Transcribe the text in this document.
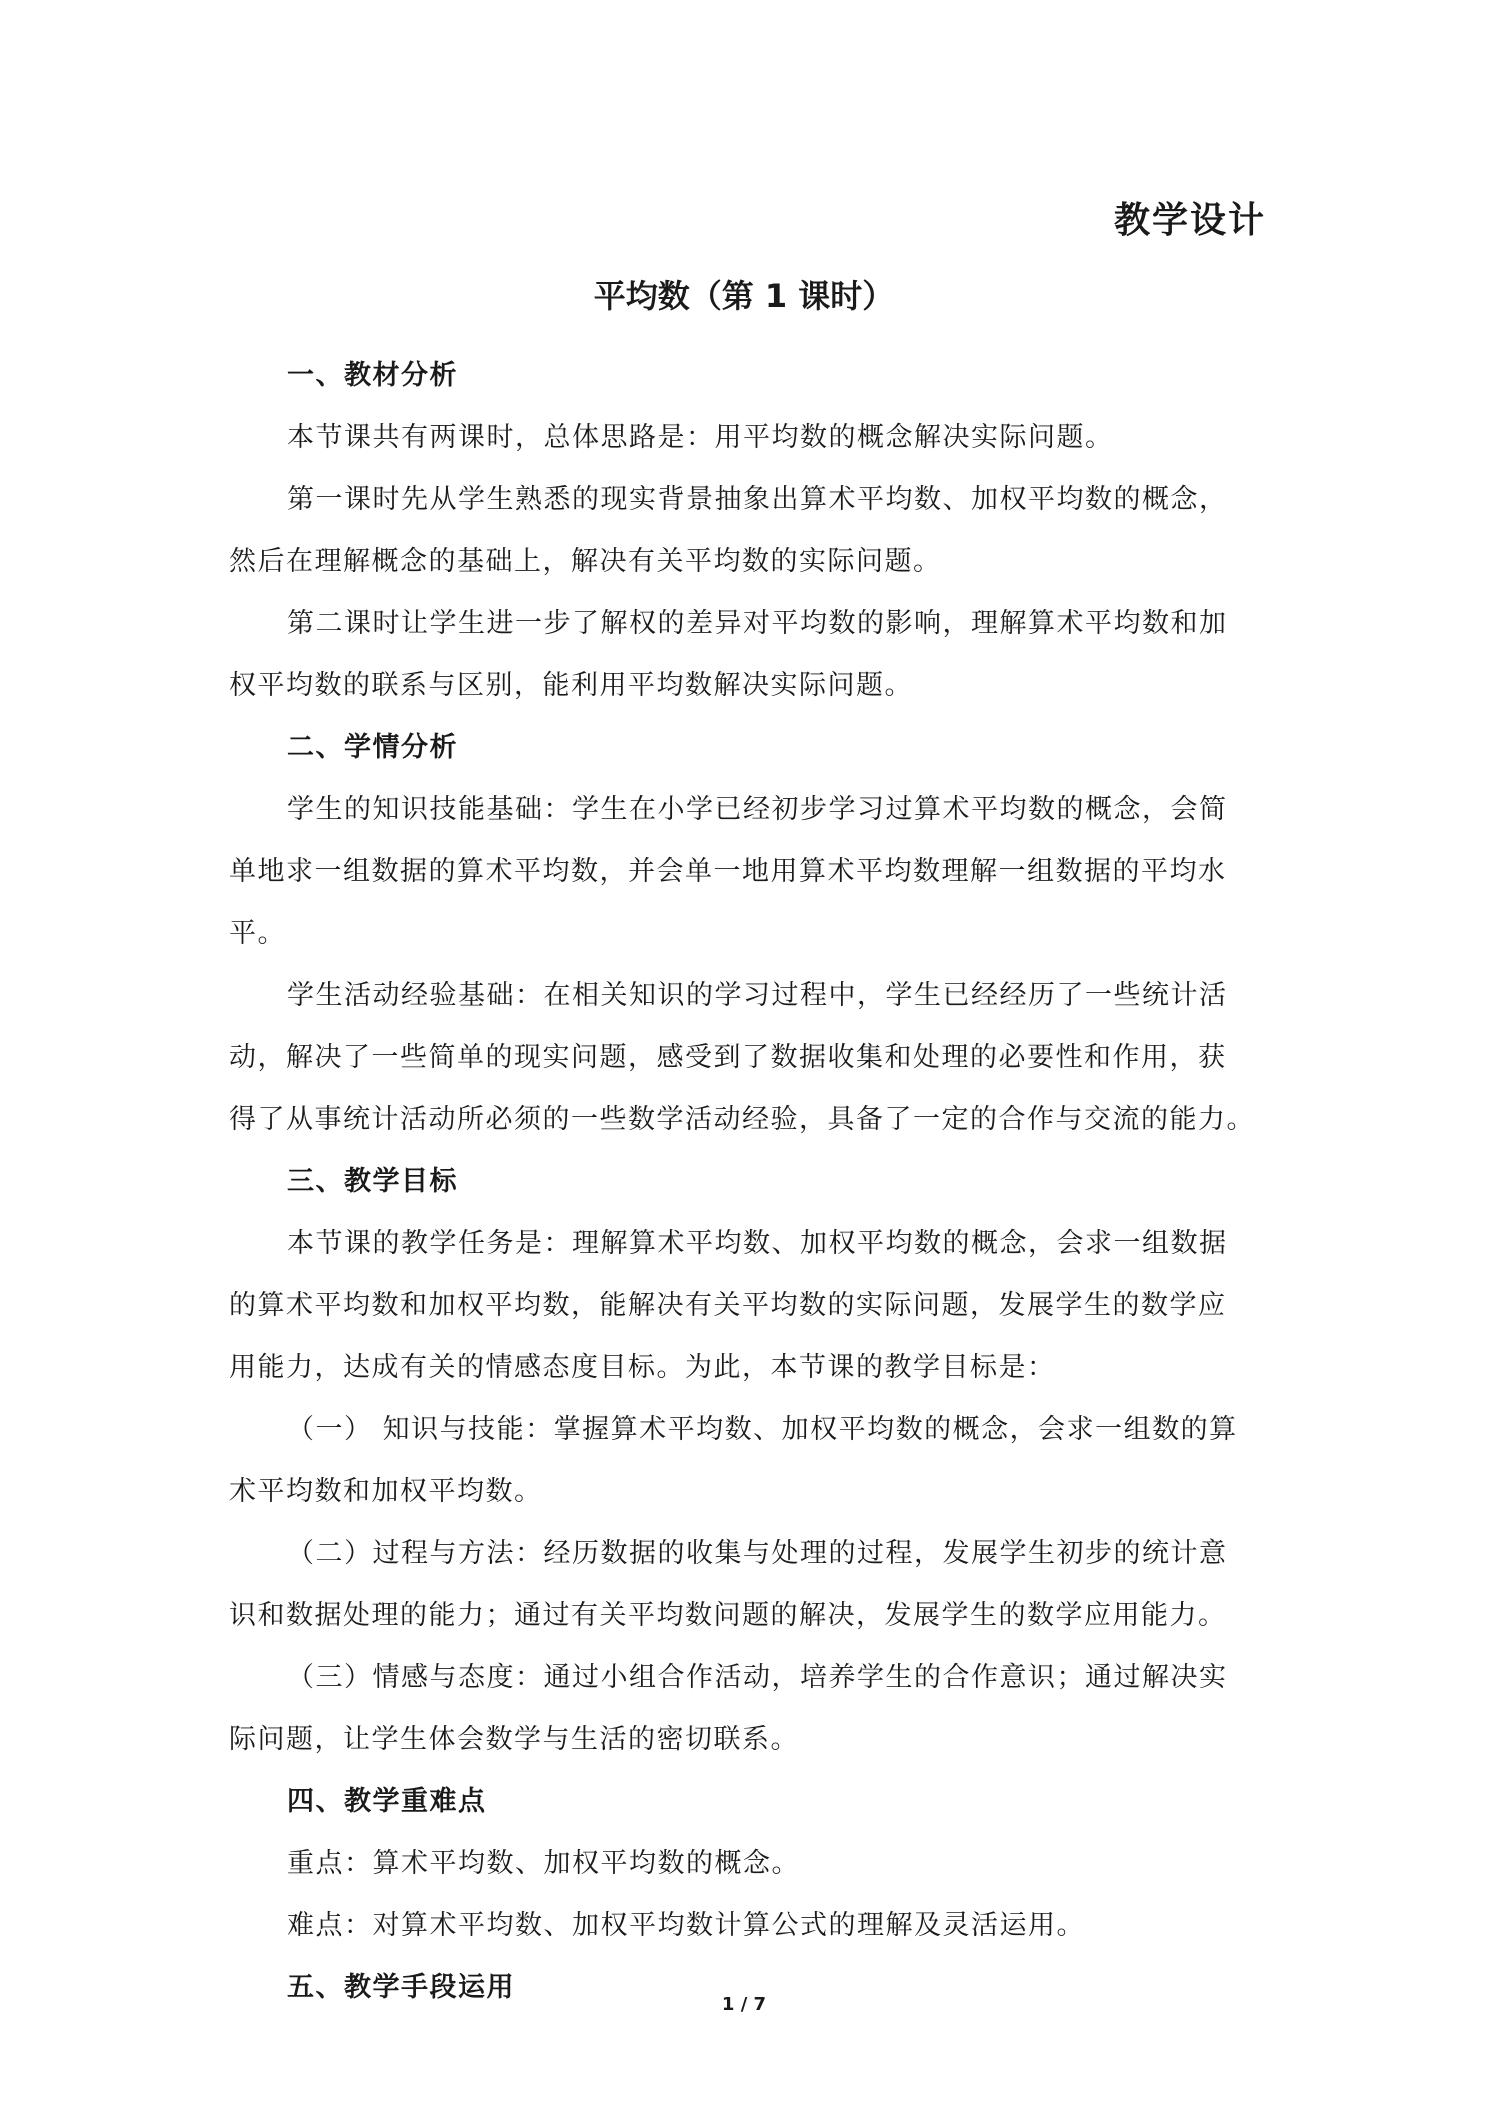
教学设计
平均数（第 1 课时）
一、教材分析
本节课共有两课时，总体思路是：用平均数的概念解决实际问题。
第一课时先从学生熟悉的现实背景抽象出算术平均数、加权平均数的概念，
然后在理解概念的基础上，解决有关平均数的实际问题。
第二课时让学生进一步了解权的差异对平均数的影响，理解算术平均数和加
权平均数的联系与区别，能利用平均数解决实际问题。
二、学情分析
学生的知识技能基础：学生在小学已经初步学习过算术平均数的概念，会简
单地求一组数据的算术平均数，并会单一地用算术平均数理解一组数据的平均水
平。
学生活动经验基础：在相关知识的学习过程中，学生已经经历了一些统计活
动，解决了一些简单的现实问题，感受到了数据收集和处理的必要性和作用，获
得了从事统计活动所必须的一些数学活动经验，具备了一定的合作与交流的能力。
三、教学目标
本节课的教学任务是：理解算术平均数、加权平均数的概念，会求一组数据
的算术平均数和加权平均数，能解决有关平均数的实际问题，发展学生的数学应
用能力，达成有关的情感态度目标。为此，本节课的教学目标是：
（一） 知识与技能：掌握算术平均数、加权平均数的概念，会求一组数的算
术平均数和加权平均数。
（二）过程与方法：经历数据的收集与处理的过程，发展学生初步的统计意
识和数据处理的能力；通过有关平均数问题的解决，发展学生的数学应用能力。
（三）情感与态度：通过小组合作活动，培养学生的合作意识；通过解决实
际问题，让学生体会数学与生活的密切联系。
四、教学重难点
重点：算术平均数、加权平均数的概念。
难点：对算术平均数、加权平均数计算公式的理解及灵活运用。
五、教学手段运用
1 / 7
